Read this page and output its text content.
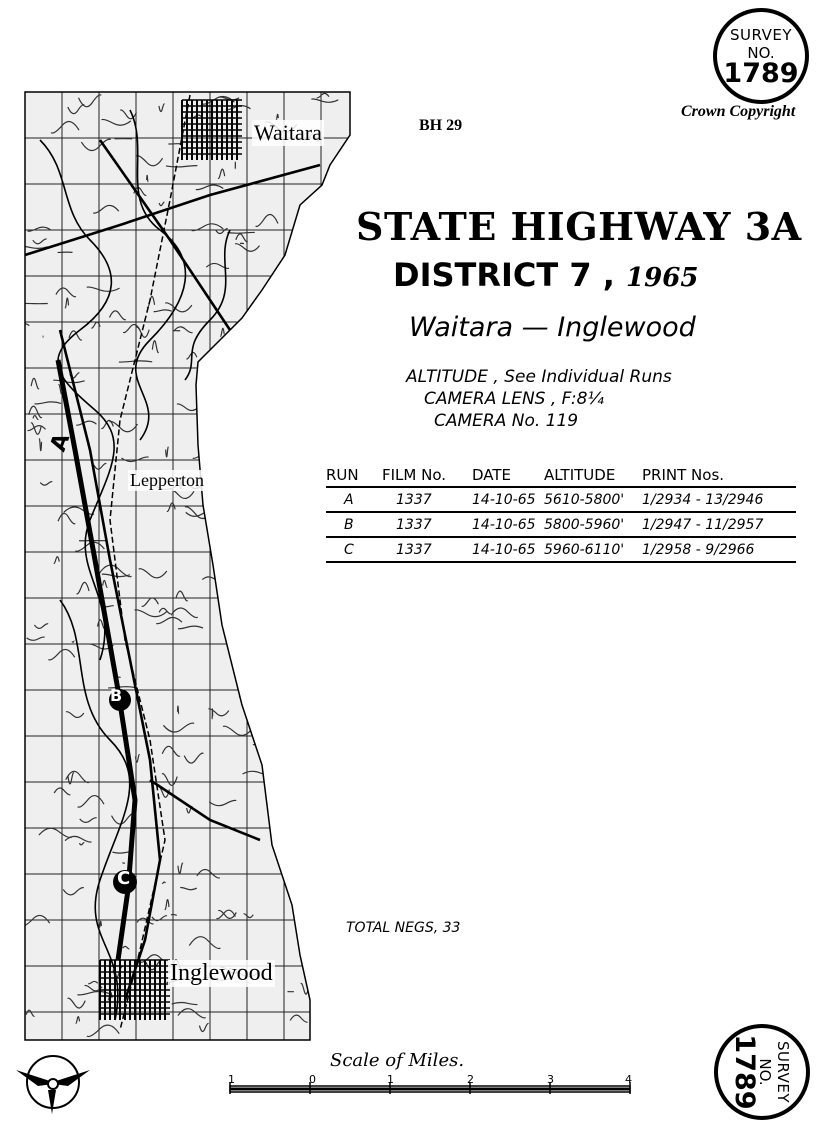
Waitara
Lepperton
Inglewood
A
B
C
SURVEY
NO.
1789
SURVEY
NO.
1789
BH 29
Crown Copyright
STATE HIGHWAY 3A
DISTRICT 7 , 1965
Waitara — Inglewood
ALTITUDE , See Individual Runs
CAMERA LENS , F:8¼
CAMERA No. 119
RUN	FILM No.	DATE	ALTITUDE	PRINT Nos.
A	1337	14-10-65	5610-5800'	1/2934 - 13/2946
B	1337	14-10-65	5800-5960'	1/2947 - 11/2957
C	1337	14-10-65	5960-6110'	1/2958 - 9/2966
TOTAL NEGS, 33
Scale of Miles.
1	0	1	2	3	4
